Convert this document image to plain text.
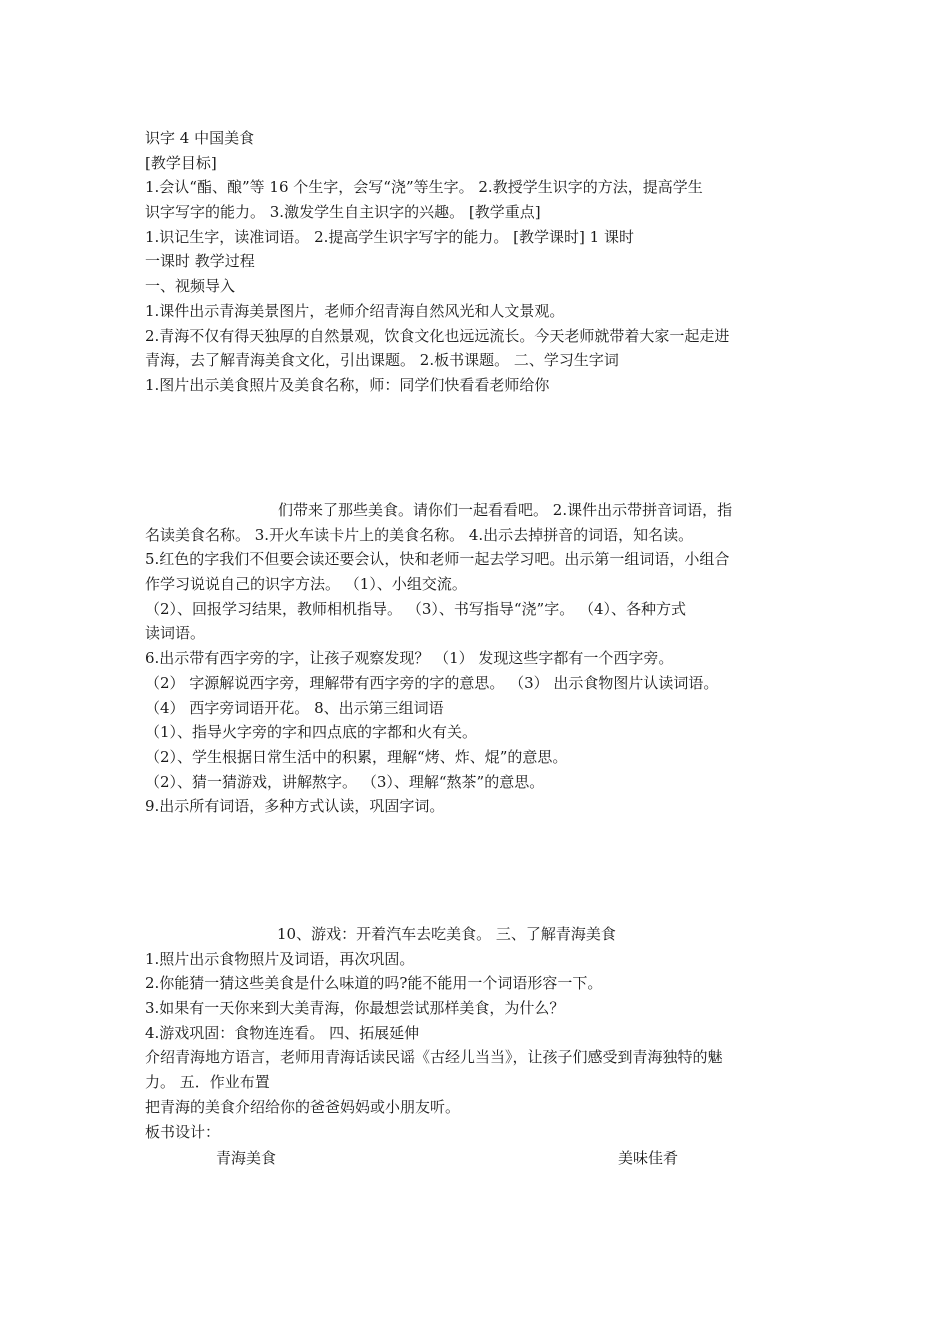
识字 4 中国美食
[教学目标]
1.会认“酯、酿”等 16 个生字，会写“浇”等生字。 2.教授学生识字的方法，提高学生
识字写字的能力。 3.激发学生自主识字的兴趣。 [教学重点]
1.识记生字，读准词语。 2.提高学生识字写字的能力。 [教学课时] 1 课时
一课时 教学过程
一、视频导入
1.课件出示青海美景图片，老师介绍青海自然风光和人文景观。
2.青海不仅有得天独厚的自然景观，饮食文化也远远流长。今天老师就带着大家一起走进
青海，去了解青海美食文化，引出课题。 2.板书课题。 二、学习生字词
1.图片出示美食照片及美食名称，师：同学们快看看老师给你
们带来了那些美食。请你们一起看看吧。 2.课件出示带拼音词语，指
名读美食名称。 3.开火车读卡片上的美食名称。 4.出示去掉拼音的词语，知名读。
5.红色的字我们不但要会读还要会认，快和老师一起去学习吧。出示第一组词语，小组合
作学习说说自己的识字方法。 （1）、小组交流。
（2）、回报学习结果，教师相机指导。 （3）、书写指导“浇”字。 （4）、各种方式
读词语。
6.出示带有西字旁的字，让孩子观察发现？ （1） 发现这些字都有一个西字旁。
（2） 字源解说西字旁，理解带有西字旁的字的意思。 （3） 出示食物图片认读词语。
（4） 西字旁词语开花。 8、出示第三组词语
（1）、指导火字旁的字和四点底的字都和火有关。
（2）、学生根据日常生活中的积累，理解“烤、炸、焜”的意思。
（2）、猜一猜游戏，讲解熬字。 （3）、理解“熬茶”的意思。
9.出示所有词语，多种方式认读，巩固字词。
10、游戏：开着汽车去吃美食。 三、了解青海美食
1.照片出示食物照片及词语，再次巩固。
2.你能猜一猜这些美食是什么味道的吗?能不能用一个词语形容一下。
3.如果有一天你来到大美青海，你最想尝试那样美食，为什么？
4.游戏巩固：食物连连看。 四、拓展延伸
介绍青海地方语言，老师用青海话读民谣《古经儿当当》，让孩子们感受到青海独特的魅
力。 五．作业布置
把青海的美食介绍给你的爸爸妈妈或小朋友听。
板书设计：
青海美食	美味佳肴
